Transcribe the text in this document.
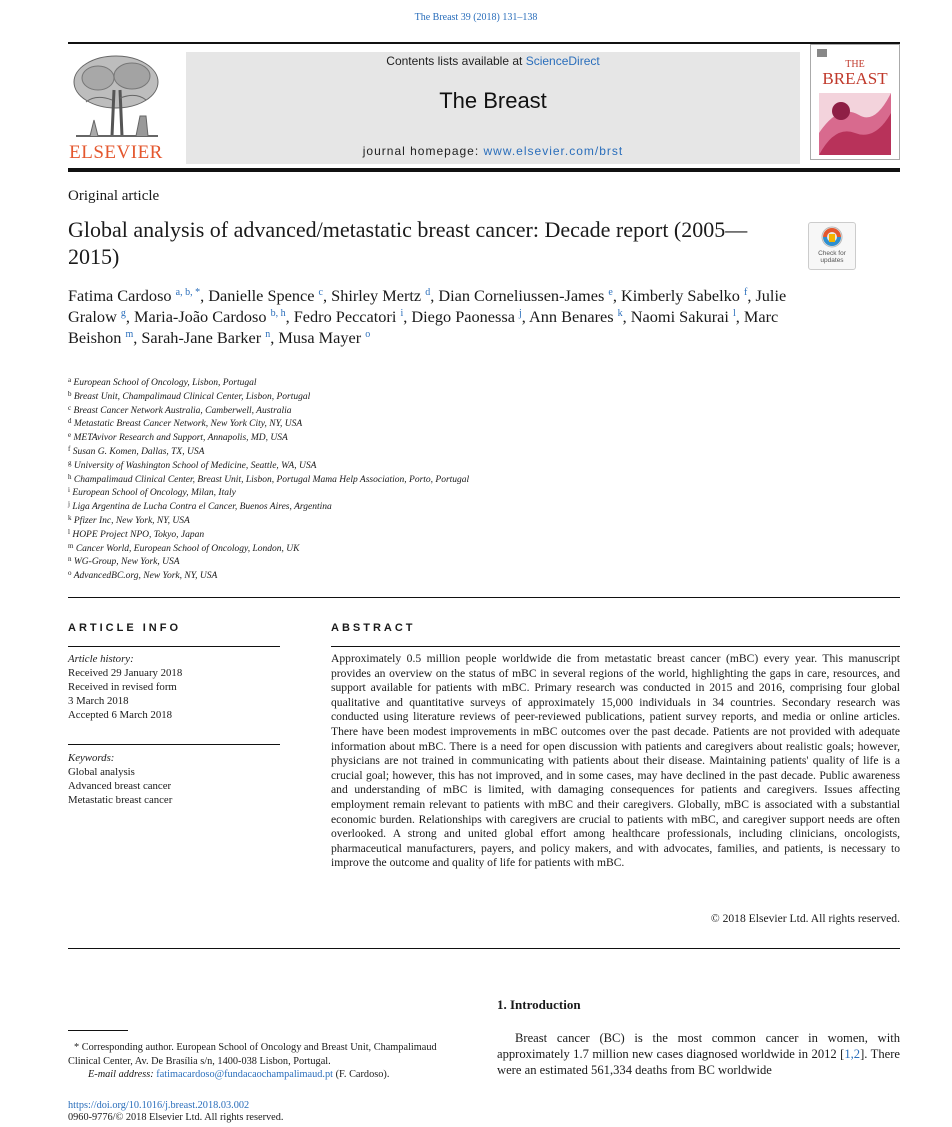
The Breast 39 (2018) 131–138
ELSEVIER
Contents lists available at ScienceDirect
The Breast
journal homepage: www.elsevier.com/brst
THE
BREAST
Original article
Global analysis of advanced/metastatic breast cancer: Decade report (2005—2015)	Check for updates
Fatima Cardoso $^{a, b, *}$, Danielle Spence $^c$, Shirley Mertz $^d$, Dian Corneliussen-James $^e$, Kimberly Sabelko $^f$, Julie Gralow $^g$, Maria-João Cardoso $^{b, h}$, Fedro Peccatori $^i$, Diego Paonessa $^j$, Ann Benares $^k$, Naomi Sakurai $^l$, Marc Beishon $^m$, Sarah-Jane Barker $^n$, Musa Mayer $^o$
$^a$ European School of Oncology, Lisbon, Portugal
$^b$ Breast Unit, Champalimaud Clinical Center, Lisbon, Portugal
$^c$ Breast Cancer Network Australia, Camberwell, Australia
$^d$ Metastatic Breast Cancer Network, New York City, NY, USA
$^e$ METAvivor Research and Support, Annapolis, MD, USA
$^f$ Susan G. Komen, Dallas, TX, USA
$^g$ University of Washington School of Medicine, Seattle, WA, USA
$^h$ Champalimaud Clinical Center, Breast Unit, Lisbon, Portugal Mama Help Association, Porto, Portugal
$^i$ European School of Oncology, Milan, Italy
$^j$ Liga Argentina de Lucha Contra el Cancer, Buenos Aires, Argentina
$^k$ Pfizer Inc, New York, NY, USA
$^l$ HOPE Project NPO, Tokyo, Japan
$^m$ Cancer World, European School of Oncology, London, UK
$^n$ WG-Group, New York, USA
$^o$ AdvancedBC.org, New York, NY, USA
ARTICLE INFO	ABSTRACT
Article history:
Received 29 January 2018
Received in revised form
3 March 2018
Accepted 6 March 2018
Keywords:
Global analysis
Advanced breast cancer
Metastatic breast cancer
Approximately 0.5 million people worldwide die from metastatic breast cancer (mBC) every year. This manuscript provides an overview on the status of mBC in several regions of the world, highlighting the gaps in care, resources, and support available for patients with mBC. Primary research was conducted in 2015 and 2016, comprising four global qualitative and quantitative surveys of approximately 15,000 individuals in 34 countries. Secondary research was conducted using literature reviews of peer-reviewed publications, patient survey reports, and media or online articles. There have been modest improvements in mBC outcomes over the past decade. Patients are not provided with adequate information about mBC. There is a need for open discussion with patients and caregivers about realistic goals; however, physicians are not trained in communicating with patients about their disease. Maintaining patients' quality of life is a crucial goal; however, this has not improved, and in some cases, may have declined in the past decade. Public awareness and understanding of mBC is limited, with damaging consequences for patients and caregivers. Issues affecting employment remain relevant to patients with mBC and their caregivers. Globally, mBC is associated with a substantial economic burden. Relationships with caregivers are crucial to patients with mBC, and caregiver support needs are often overlooked. A strong and united global effort among healthcare professionals, including clinicians, oncologists, pharmaceutical manufacturers, payers, and policy makers, and with advocates, families, and patients, is necessary to improve the outcome and quality of life for patients with mBC.
© 2018 Elsevier Ltd. All rights reserved.
* Corresponding author. European School of Oncology and Breast Unit, Champalimaud Clinical Center, Av. De Brasília s/n, 1400-038 Lisbon, Portugal.
E-mail address: fatimacardoso@fundacaochampalimaud.pt (F. Cardoso).
https://doi.org/10.1016/j.breast.2018.03.002
0960-9776/© 2018 Elsevier Ltd. All rights reserved.
1. Introduction
Breast cancer (BC) is the most common cancer in women, with approximately 1.7 million new cases diagnosed worldwide in 2012 [1,2]. There were an estimated 561,334 deaths from BC worldwide
